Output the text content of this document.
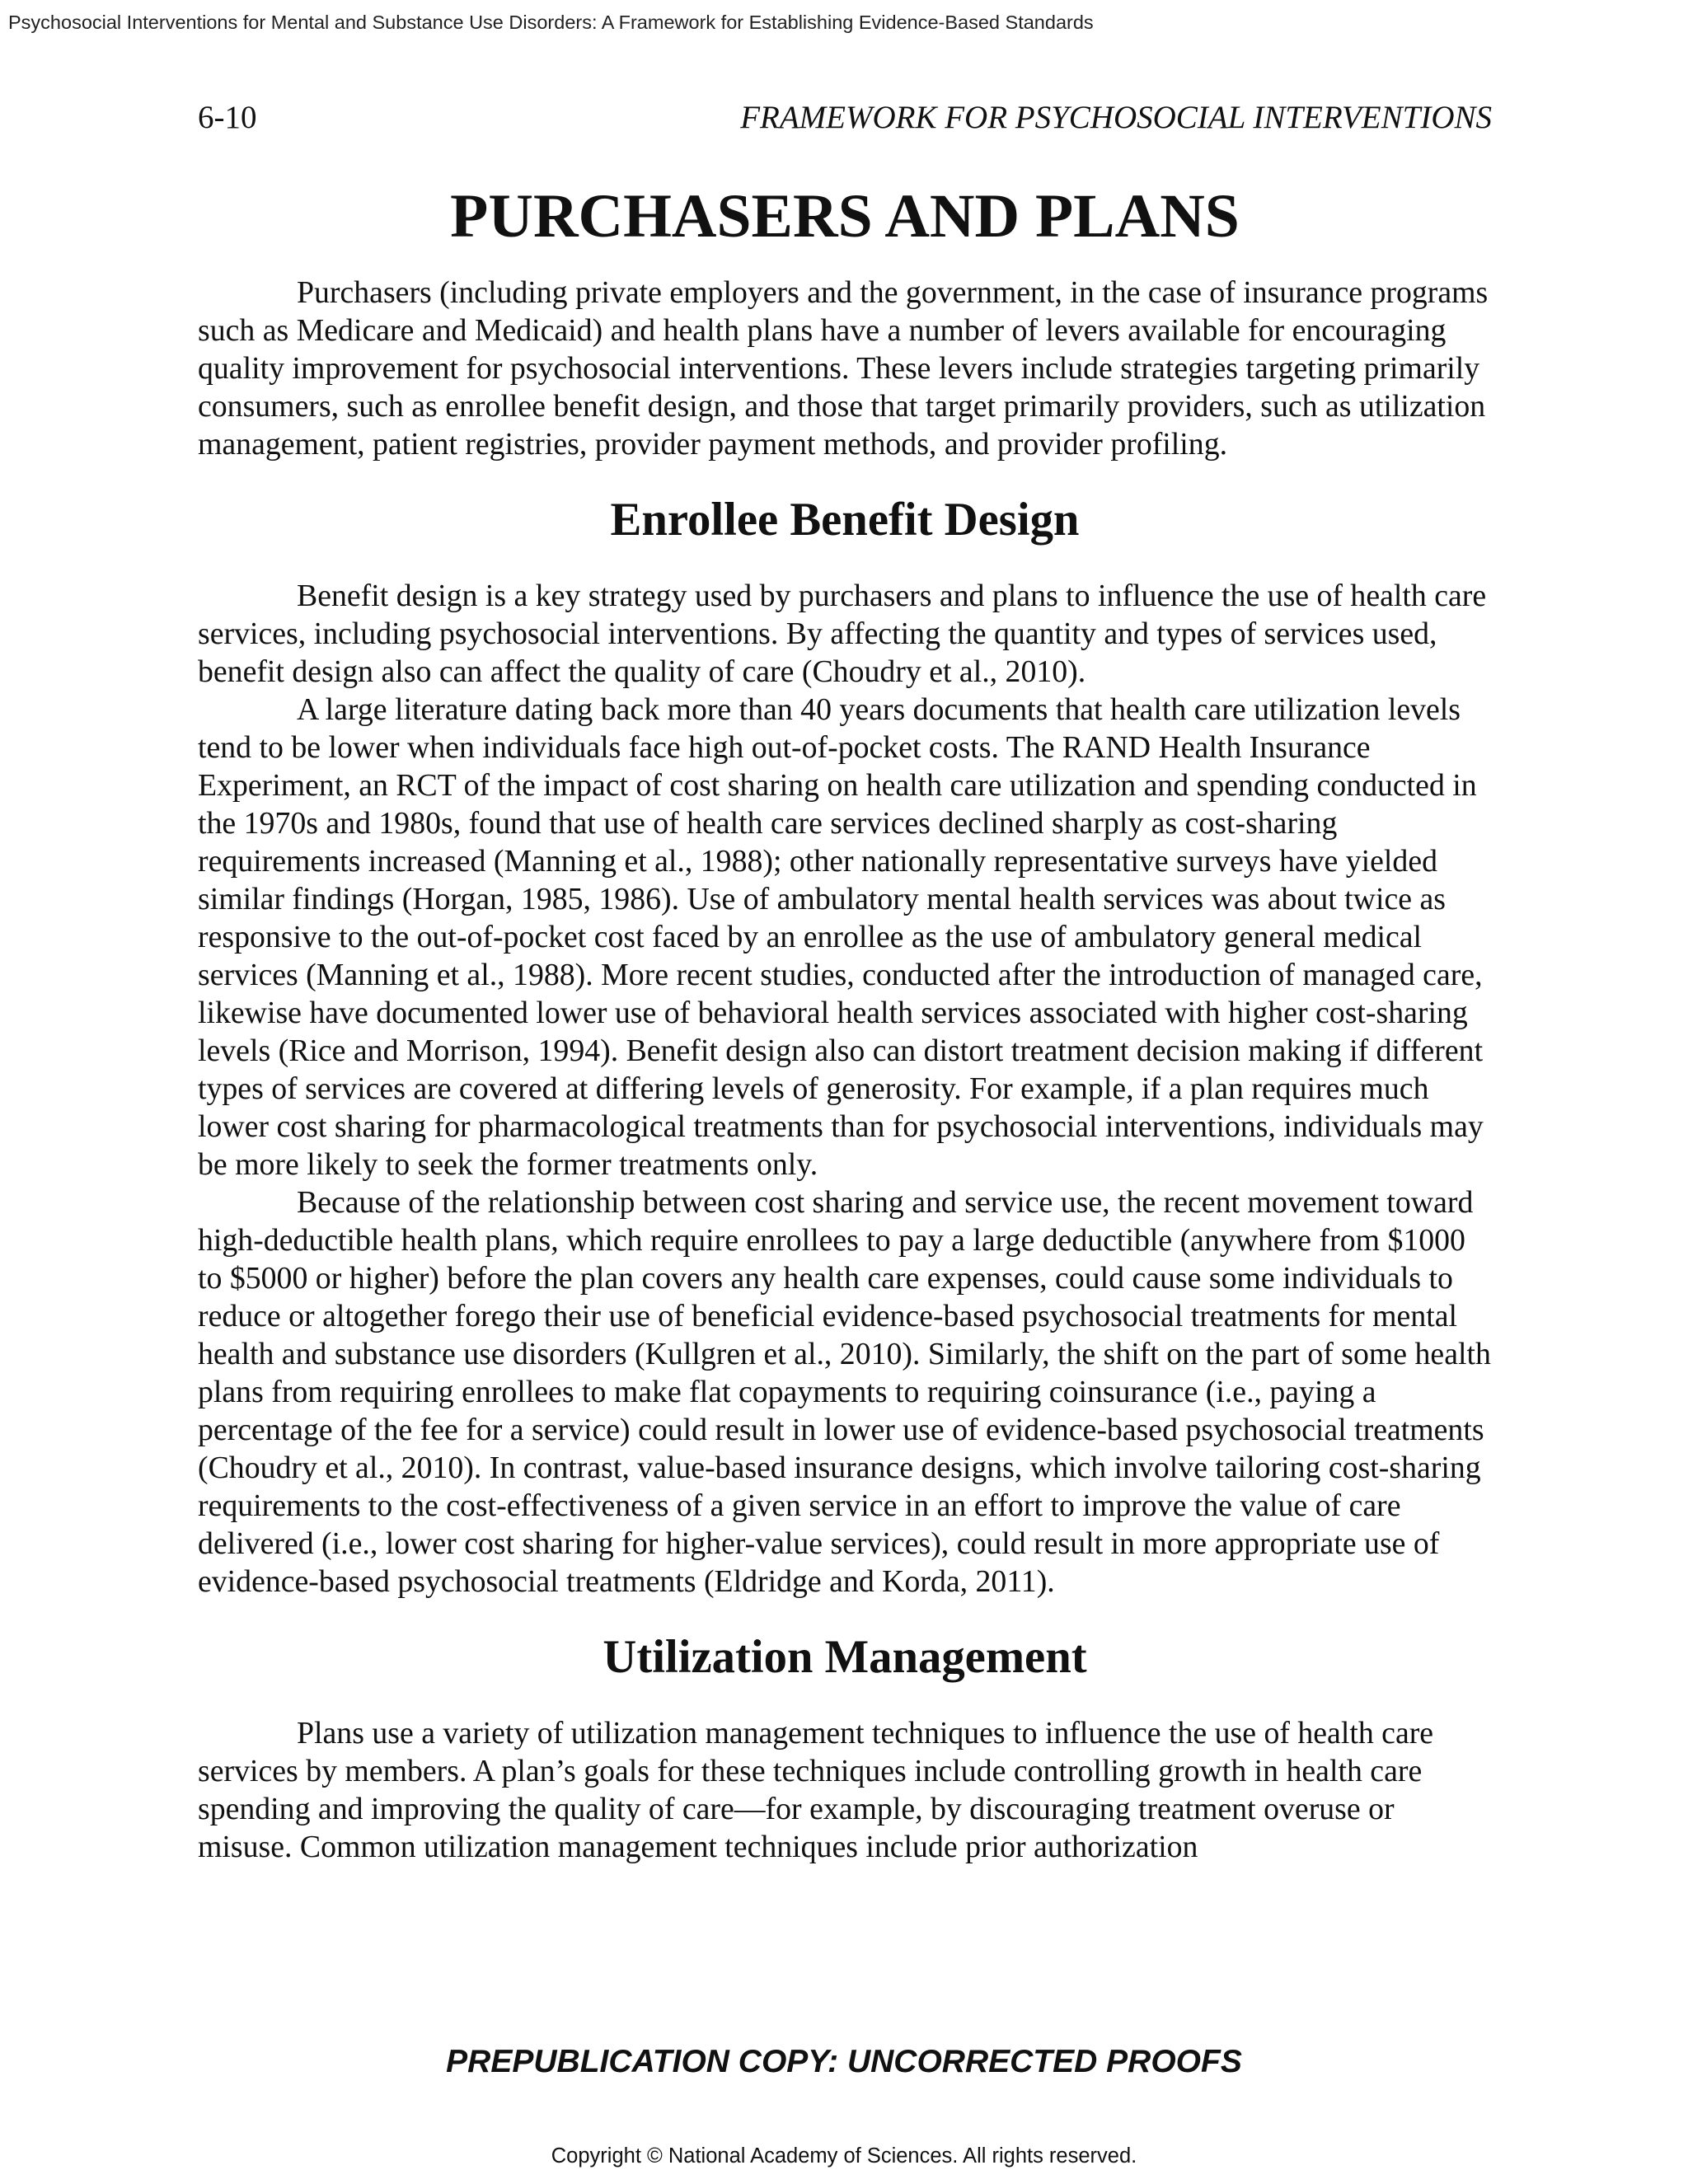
Psychosocial Interventions for Mental and Substance Use Disorders: A Framework for Establishing Evidence-Based Standards
6-10	FRAMEWORK FOR PSYCHOSOCIAL INTERVENTIONS
PURCHASERS AND PLANS

Purchasers (including private employers and the government, in the case of insurance programs such as Medicare and Medicaid) and health plans have a number of levers available for encouraging quality improvement for psychosocial interventions. These levers include strategies targeting primarily consumers, such as enrollee benefit design, and those that target primarily providers, such as utilization management, patient registries, provider payment methods, and provider profiling.

Enrollee Benefit Design

Benefit design is a key strategy used by purchasers and plans to influence the use of health care services, including psychosocial interventions. By affecting the quantity and types of services used, benefit design also can affect the quality of care (Choudry et al., 2010).

A large literature dating back more than 40 years documents that health care utilization levels tend to be lower when individuals face high out-of-pocket costs. The RAND Health Insurance Experiment, an RCT of the impact of cost sharing on health care utilization and spending conducted in the 1970s and 1980s, found that use of health care services declined sharply as cost-sharing requirements increased (Manning et al., 1988); other nationally representative surveys have yielded similar findings (Horgan, 1985, 1986). Use of ambulatory mental health services was about twice as responsive to the out-of-pocket cost faced by an enrollee as the use of ambulatory general medical services (Manning et al., 1988). More recent studies, conducted after the introduction of managed care, likewise have documented lower use of behavioral health services associated with higher cost-sharing levels (Rice and Morrison, 1994). Benefit design also can distort treatment decision making if different types of services are covered at differing levels of generosity. For example, if a plan requires much lower cost sharing for pharmacological treatments than for psychosocial interventions, individuals may be more likely to seek the former treatments only.

Because of the relationship between cost sharing and service use, the recent movement toward high-deductible health plans, which require enrollees to pay a large deductible (anywhere from $1000 to $5000 or higher) before the plan covers any health care expenses, could cause some individuals to reduce or altogether forego their use of beneficial evidence-based psychosocial treatments for mental health and substance use disorders (Kullgren et al., 2010). Similarly, the shift on the part of some health plans from requiring enrollees to make flat copayments to requiring coinsurance (i.e., paying a percentage of the fee for a service) could result in lower use of evidence-based psychosocial treatments (Choudry et al., 2010). In contrast, value-based insurance designs, which involve tailoring cost-sharing requirements to the cost-effectiveness of a given service in an effort to improve the value of care delivered (i.e., lower cost sharing for higher-value services), could result in more appropriate use of evidence-based psychosocial treatments (Eldridge and Korda, 2011).

Utilization Management

Plans use a variety of utilization management techniques to influence the use of health care services by members. A plan’s goals for these techniques include controlling growth in health care spending and improving the quality of care—for example, by discouraging treatment overuse or misuse. Common utilization management techniques include prior authorization

PREPUBLICATION COPY: UNCORRECTED PROOFS
Copyright © National Academy of Sciences. All rights reserved.
